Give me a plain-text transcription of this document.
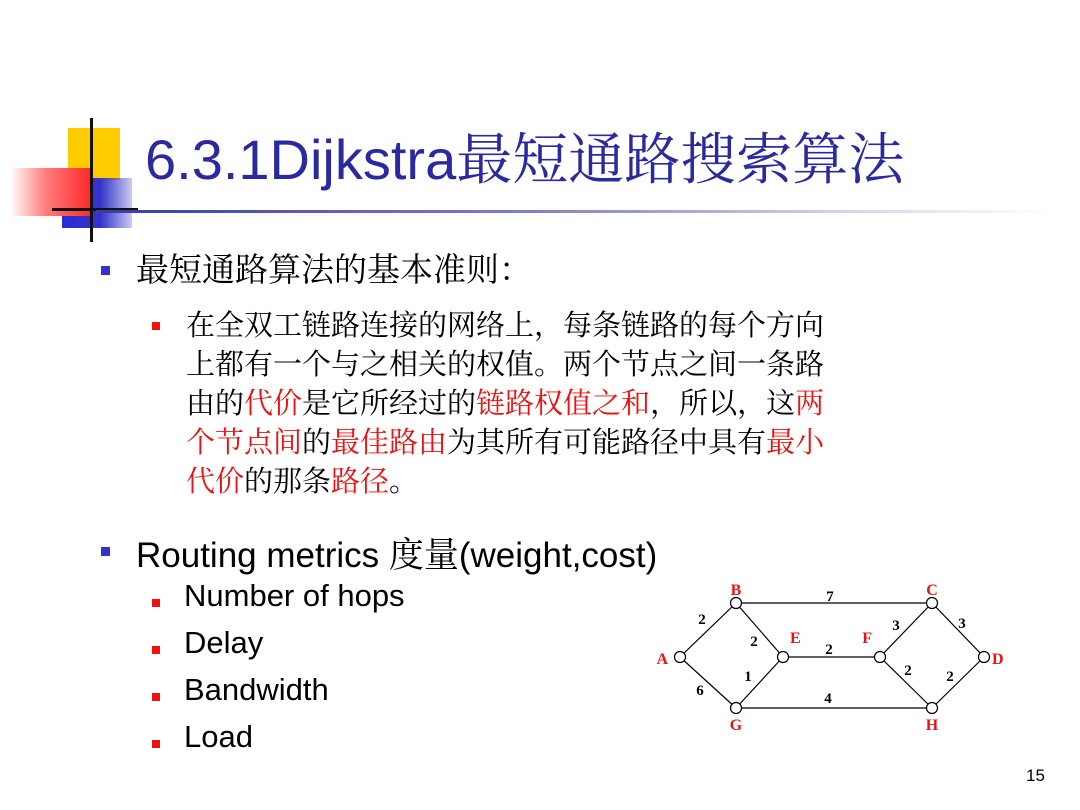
6.3.1Dijkstra最短通路搜索算法
最短通路算法的基本准则：
在全双工链路连接的网络上，每条链路的每个方向
上都有一个与之相关的权值。两个节点之间一条路
由的代价是它所经过的链路权值之和，所以，这两
个节点间的最佳路由为其所有可能路径中具有最小
代价的那条路径。
Routing metrics 度量(weight,cost)
Number of hops
Delay
Bandwidth
Load
2
7
3
2	2
3
6
1
4
2 2
A
B	C
D
E	F
G	H
15
